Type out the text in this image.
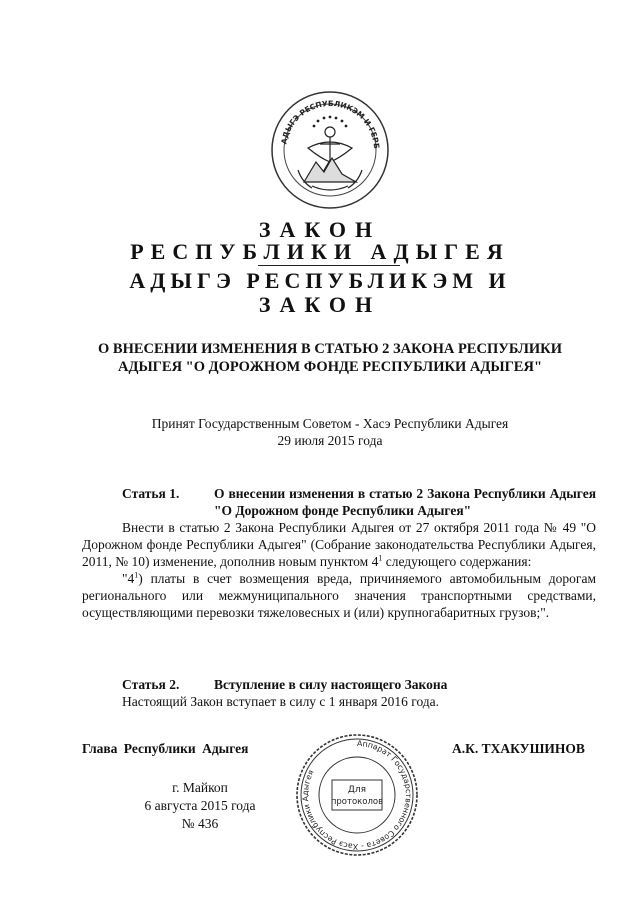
АДЫГЭ РЕСПУБЛИКЭМ И ГЕРБ
ЗАКОН
РЕСПУБЛИКИ АДЫГЕЯ
АДЫГЭ РЕСПУБЛИКЭМ И
ЗАКОН
О ВНЕСЕНИИ ИЗМЕНЕНИЯ В СТАТЬЮ 2 ЗАКОНА РЕСПУБЛИКИ
АДЫГЕЯ "О ДОРОЖНОМ ФОНДЕ РЕСПУБЛИКИ АДЫГЕЯ"
Принят Государственным Советом - Хасэ Республики Адыгея
29 июля 2015 года
Статья 1.	О внесении изменения в статью 2 Закона Республики Адыгея "О Дорожном фонде Республики Адыгея"
Внести в статью 2 Закона Республики Адыгея от 27 октября 2011 года № 49 "О Дорожном фонде Республики Адыгея" (Собрание законодательства Республики Адыгея, 2011, № 10) изменение, дополнив новым пунктом $4^1$ следующего содержания:
"$4^1$) платы в счет возмещения вреда, причиняемого автомобильным дорогам регионального или межмуниципального значения транспортными средствами, осуществляющими перевозки тяжеловесных и (или) крупногабаритных грузов;".
Статья 2.	Вступление в силу настоящего Закона
Настоящий Закон вступает в силу с 1 января 2016 года.
Глава Республики Адыгея	А.К. ТХАКУШИНОВ
г. Майкоп
6 августа 2015 года
№ 436
Аппарат Государственного Совета - Хасэ Республики Адыгея
Для
протоколов
